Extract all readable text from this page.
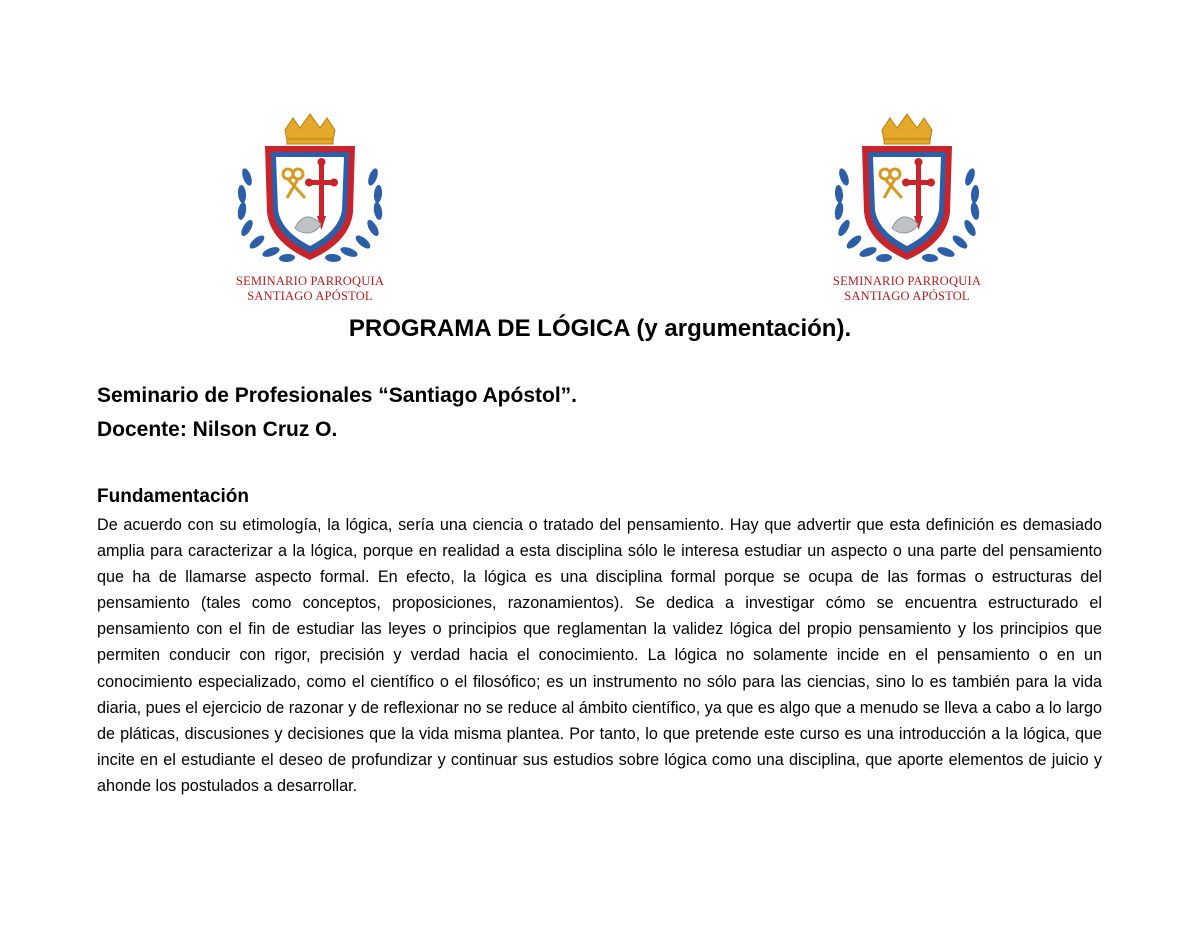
SEMINARIO PARROQUIA
SANTIAGO APÓSTOL
SEMINARIO PARROQUIA
SANTIAGO APÓSTOL
PROGRAMA DE LÓGICA (y argumentación).
Seminario de Profesionales “Santiago Apóstol”.
Docente: Nilson Cruz O.
Fundamentación
De acuerdo con su etimología, la lógica, sería una ciencia o tratado del pensamiento. Hay que advertir que esta definición es demasiado amplia para caracterizar a la lógica, porque en realidad a esta disciplina sólo le interesa estudiar un aspecto o una parte del pensamiento que ha de llamarse aspecto formal. En efecto, la lógica es una disciplina formal porque se ocupa de las formas o estructuras del pensamiento (tales como conceptos, proposiciones, razonamientos). Se dedica a investigar cómo se encuentra estructurado el pensamiento con el fin de estudiar las leyes o principios que reglamentan la validez lógica del propio pensamiento y los principios que permiten conducir con rigor, precisión y verdad hacia el conocimiento. La lógica no solamente incide en el pensamiento o en un conocimiento especializado, como el científico o el filosófico; es un instrumento no sólo para las ciencias, sino lo es también para la vida diaria, pues el ejercicio de razonar y de reflexionar no se reduce al ámbito científico, ya que es algo que a menudo se lleva a cabo a lo largo de pláticas, discusiones y decisiones que la vida misma plantea. Por tanto, lo que pretende este curso es una introducción a la lógica, que incite en el estudiante el deseo de profundizar y continuar sus estudios sobre lógica como una disciplina, que aporte elementos de juicio y ahonde los postulados a desarrollar.
